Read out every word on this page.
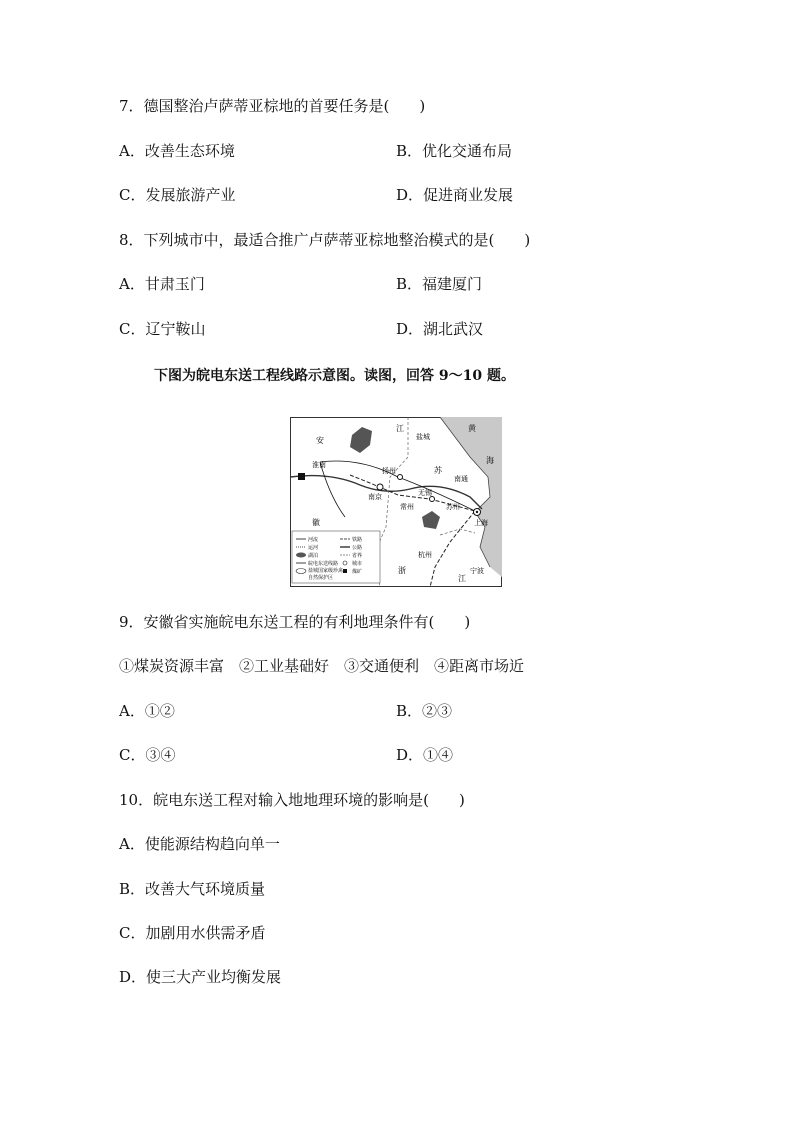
7．德国整治卢萨蒂亚棕地的首要任务是(　　)
A．改善生态环境	B．优化交通布局
C．发展旅游产业	D．促进商业发展
8．下列城市中，最适合推广卢萨蒂亚棕地整治模式的是(　　)
A．甘肃玉门	B．福建厦门
C．辽宁鞍山	D．湖北武汉
下图为皖电东送工程线路示意图。读图，回答 9～10 题。
安
江
盐城
黄
海
淮南
扬州	苏
南通
南京	无锡
常州	苏州
上海
徽
杭州
浙
江
宁波
河流
运河
湖泊
皖电东送线路
盐城国家级珍禽
自然保护区
铁路
公路
省界
城市
煤矿
9．安徽省实施皖电东送工程的有利地理条件有(　　)
①煤炭资源丰富　②工业基础好　③交通便利　④距离市场近
A．①②	B．②③
C．③④	D．①④
10．皖电东送工程对输入地地理环境的影响是(　　)
A．使能源结构趋向单一
B．改善大气环境质量
C．加剧用水供需矛盾
D．使三大产业均衡发展
